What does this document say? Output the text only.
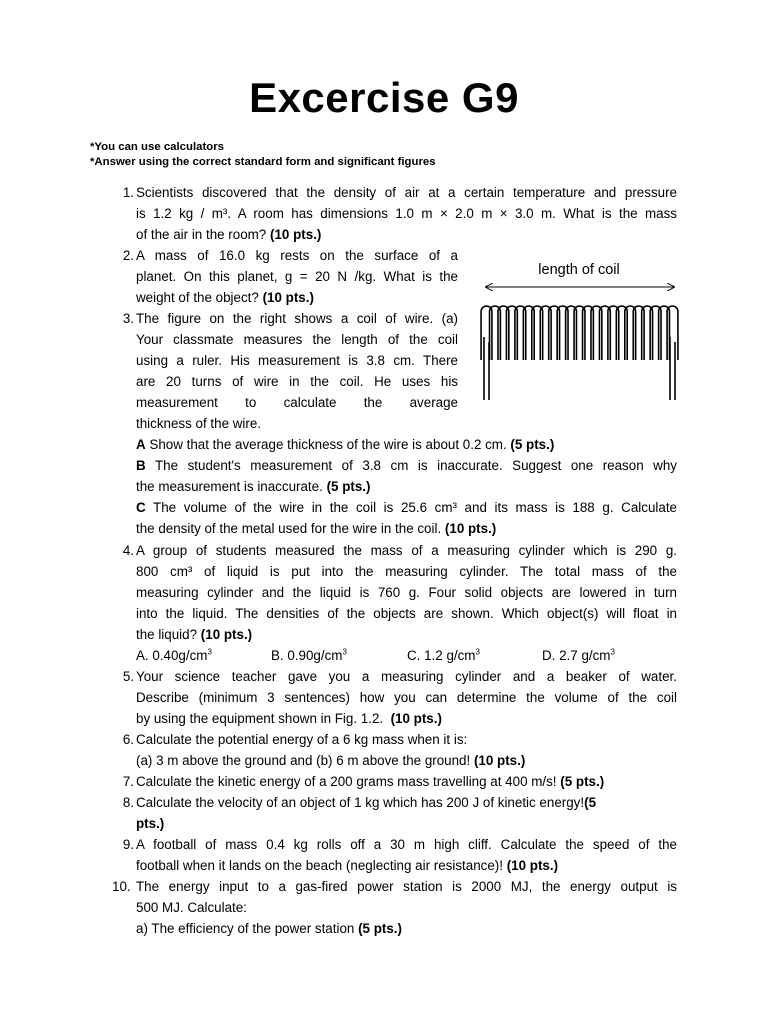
Excercise G9
*You can use calculators
*Answer using the correct standard form and significant figures
1. Scientists discovered that the density of air at a certain temperature and pressure
is 1.2 kg / m³. A room has dimensions 1.0 m × 2.0 m × 3.0 m. What is the mass
of the air in the room? (10 pts.)
2. A mass of 16.0 kg rests on the surface of a
planet. On this planet, g = 20 N /kg. What is the
weight of the object? (10 pts.)
3. The figure on the right shows a coil of wire. (a)
Your classmate measures the length of the coil
using a ruler. His measurement is 3.8 cm. There
are 20 turns of wire in the coil. He uses his
measurement to calculate the average
thickness of the wire.
A Show that the average thickness of the wire is about 0.2 cm. (5 pts.)
B The student's measurement of 3.8 cm is inaccurate. Suggest one reason why
the measurement is inaccurate. (5 pts.)
C The volume of the wire in the coil is 25.6 cm³ and its mass is 188 g. Calculate
the density of the metal used for the wire in the coil. (10 pts.)
length of coil
4. A group of students measured the mass of a measuring cylinder which is 290 g.
800 cm³ of liquid is put into the measuring cylinder. The total mass of the
measuring cylinder and the liquid is 760 g. Four solid objects are lowered in turn
into the liquid. The densities of the objects are shown. Which object(s) will float in
the liquid? (10 pts.)
A. $0.40g/cm^3$	B. $0.90g/cm^3$	C. 1.2 $g/cm^3$	D. 2.7 $g/cm^3$
5. Your science teacher gave you a measuring cylinder and a beaker of water.
Describe (minimum 3 sentences) how you can determine the volume of the coil
by using the equipment shown in Fig. 1.2. (10 pts.)
6. Calculate the potential energy of a 6 kg mass when it is:
(a) 3 m above the ground and (b) 6 m above the ground! (10 pts.)
7. Calculate the kinetic energy of a 200 grams mass travelling at 400 m/s! (5 pts.)
8. Calculate the velocity of an object of 1 kg which has 200 J of kinetic energy!(5
pts.)
9. A football of mass 0.4 kg rolls off a 30 m high cliff. Calculate the speed of the
football when it lands on the beach (neglecting air resistance)! (10 pts.)
10. The energy input to a gas-fired power station is 2000 MJ, the energy output is
500 MJ. Calculate:
a) The efficiency of the power station (5 pts.)
